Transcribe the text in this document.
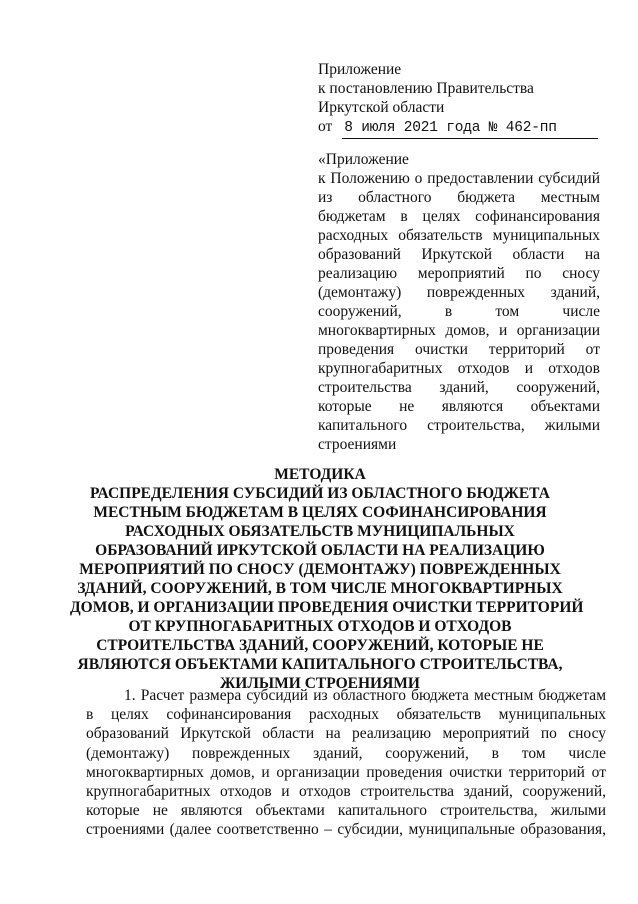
Приложение
к постановлению Правительства
Иркутской области
от 8 июля 2021 года № 462-пп
«Приложение
к Положению о предоставлении субсидий
из областного бюджета местным
бюджетам в целях софинансирования
расходных обязательств муниципальных
образований Иркутской области на
реализацию мероприятий по сносу
(демонтажу) поврежденных зданий,
сооружений, в том числе
многоквартирных домов, и организации
проведения очистки территорий от
крупногабаритных отходов и отходов
строительства зданий, сооружений,
которые не являются объектами
капитального строительства, жилыми
строениями
МЕТОДИКА
РАСПРЕДЕЛЕНИЯ СУБСИДИЙ ИЗ ОБЛАСТНОГО БЮДЖЕТА
МЕСТНЫМ БЮДЖЕТАМ В ЦЕЛЯХ СОФИНАНСИРОВАНИЯ
РАСХОДНЫХ ОБЯЗАТЕЛЬСТВ МУНИЦИПАЛЬНЫХ
ОБРАЗОВАНИЙ ИРКУТСКОЙ ОБЛАСТИ НА РЕАЛИЗАЦИЮ
МЕРОПРИЯТИЙ ПО СНОСУ (ДЕМОНТАЖУ) ПОВРЕЖДЕННЫХ
ЗДАНИЙ, СООРУЖЕНИЙ, В ТОМ ЧИСЛЕ МНОГОКВАРТИРНЫХ
ДОМОВ, И ОРГАНИЗАЦИИ ПРОВЕДЕНИЯ ОЧИСТКИ ТЕРРИТОРИЙ
ОТ КРУПНОГАБАРИТНЫХ ОТХОДОВ И ОТХОДОВ
СТРОИТЕЛЬСТВА ЗДАНИЙ, СООРУЖЕНИЙ, КОТОРЫЕ НЕ
ЯВЛЯЮТСЯ ОБЪЕКТАМИ КАПИТАЛЬНОГО СТРОИТЕЛЬСТВА,
ЖИЛЫМИ СТРОЕНИЯМИ
1. Расчет размера субсидий из областного бюджета местным бюджетам
в целях софинансирования расходных обязательств муниципальных
образований Иркутской области на реализацию мероприятий по сносу
(демонтажу) поврежденных зданий, сооружений, в том числе
многоквартирных домов, и организации проведения очистки территорий от
крупногабаритных отходов и отходов строительства зданий, сооружений,
которые не являются объектами капитального строительства, жилыми
строениями (далее соответственно – субсидии, муниципальные образования,
